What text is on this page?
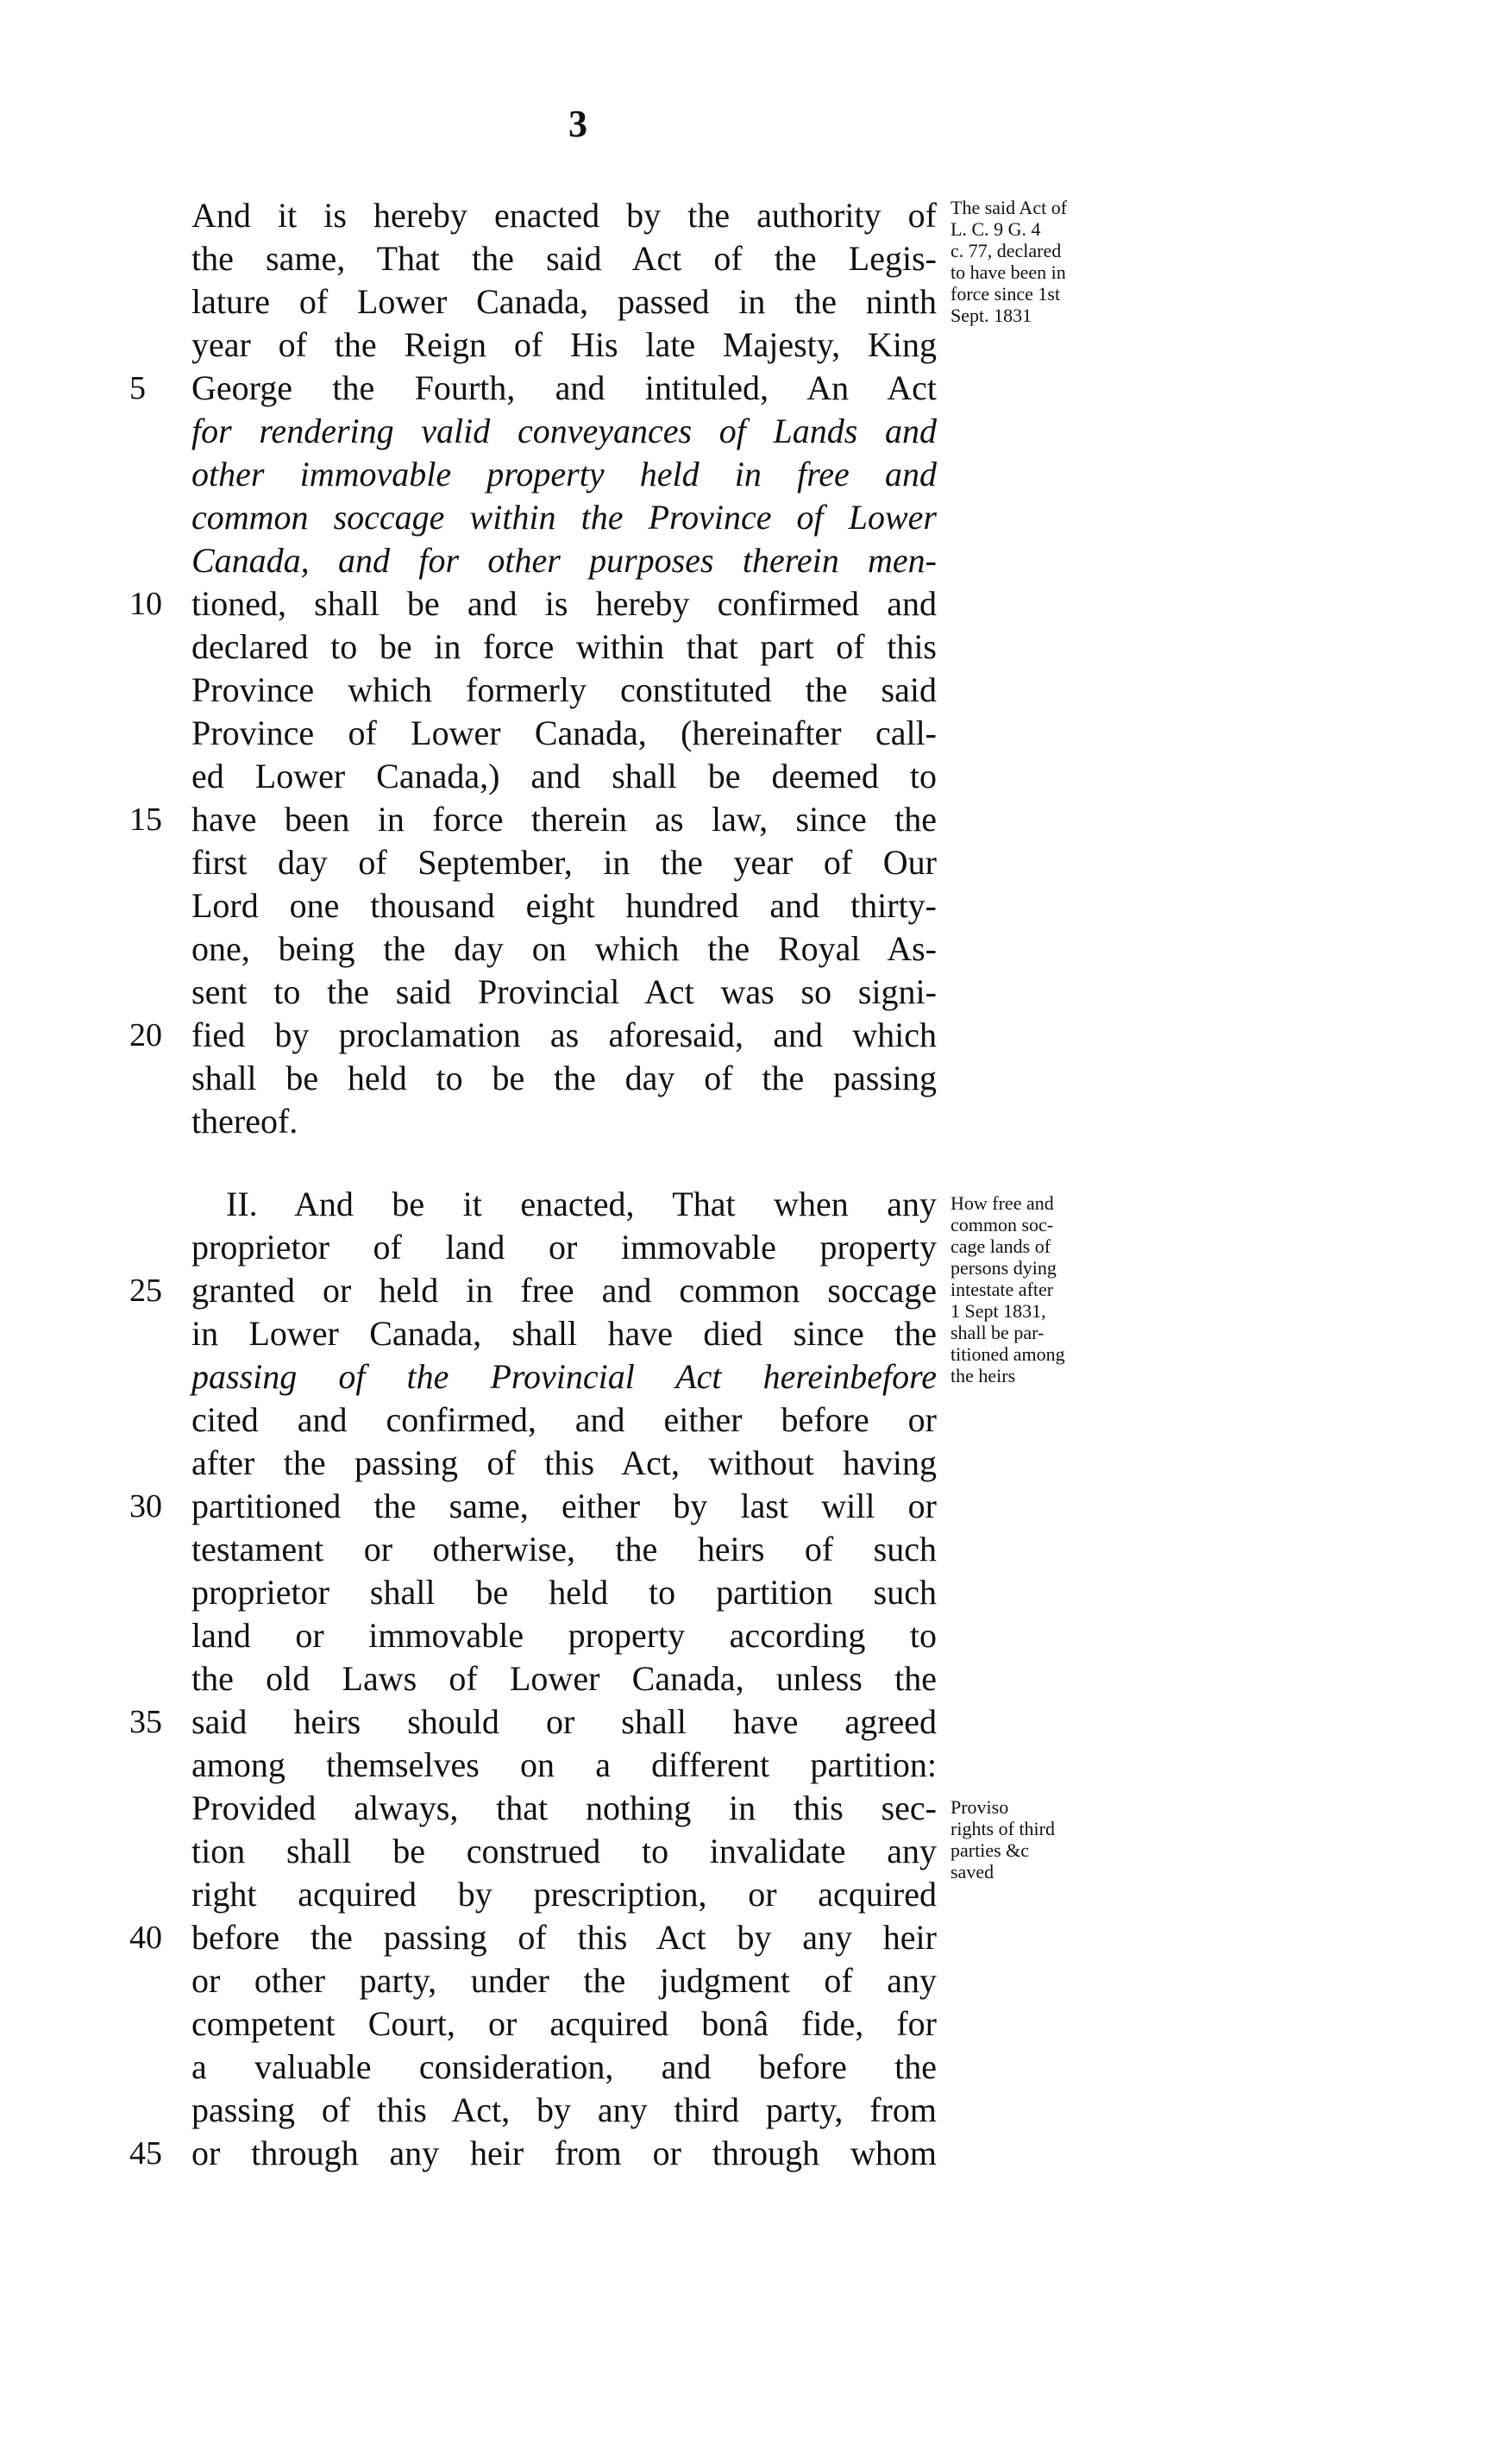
3
And it is hereby enacted by the authority of
the same, That the said Act of the Legis-
lature of Lower Canada, passed in the ninth
year of the Reign of His late Majesty, King
George the Fourth, and intituled, An Act
for rendering valid conveyances of Lands and
other immovable property held in free and
common soccage within the Province of Lower
Canada, and for other purposes therein men-
tioned, shall be and is hereby confirmed and
declared to be in force within that part of this
Province which formerly constituted the said
Province of Lower Canada, (hereinafter call-
ed Lower Canada,) and shall be deemed to
have been in force therein as law, since the
first day of September, in the year of Our
Lord one thousand eight hundred and thirty-
one, being the day on which the Royal As-
sent to the said Provincial Act was so signi-
fied by proclamation as aforesaid, and which
shall be held to be the day of the passing
thereof.
The said Act of
L. C. 9 G. 4
c. 77, declared
to have been in
force since 1st
Sept. 1831
II. And be it enacted, That when any
proprietor of land or immovable property
granted or held in free and common soccage
in Lower Canada, shall have died since the
passing of the Provincial Act hereinbefore
cited and confirmed, and either before or
after the passing of this Act, without having
partitioned the same, either by last will or
testament or otherwise, the heirs of such
proprietor shall be held to partition such
land or immovable property according to
the old Laws of Lower Canada, unless the
said heirs should or shall have agreed
among themselves on a different partition:
Provided always, that nothing in this sec-
tion shall be construed to invalidate any
right acquired by prescription, or acquired
before the passing of this Act by any heir
or other party, under the judgment of any
competent Court, or acquired bonâ fide, for
a valuable consideration, and before the
passing of this Act, by any third party, from
or through any heir from or through whom
How free and
common soc-
cage lands of
persons dying
intestate after
1 Sept 1831,
shall be par-
titioned among
the heirs
Proviso
rights of third
parties &c
saved
5
10
15
20
25
30
35
40
45
